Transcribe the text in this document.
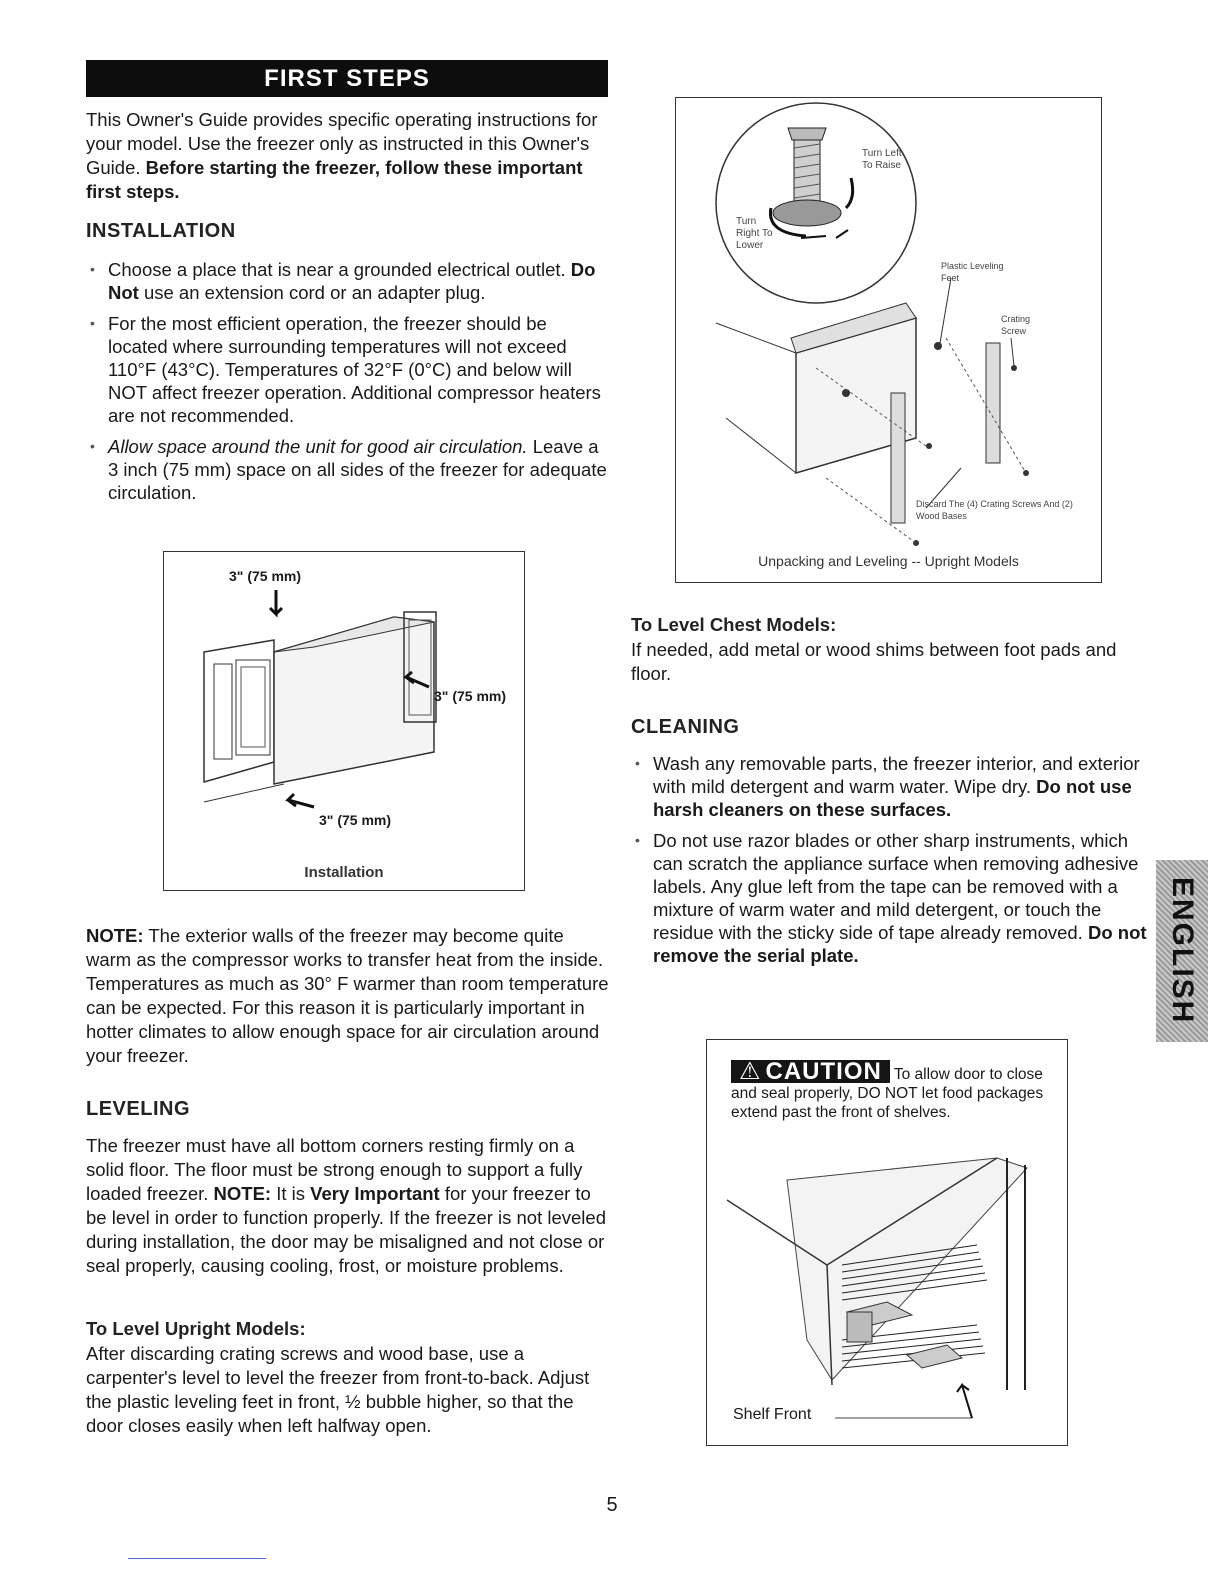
FIRST STEPS

This Owner's Guide provides specific operating instructions for your model. Use the freezer only as instructed in this Owner's Guide. Before starting the freezer, follow these important first steps.

INSTALLATION
• Choose a place that is near a grounded electrical outlet. Do Not use an extension cord or an adapter plug.
• For the most efficient operation, the freezer should be located where surrounding temperatures will not exceed 110°F (43°C). Temperatures of 32°F (0°C) and below will NOT affect freezer operation. Additional compressor heaters are not recommended.
• Allow space around the unit for good air circulation. Leave a 3 inch (75 mm) space on all sides of the freezer for adequate circulation.
3" (75 mm)
3" (75 mm)
3" (75 mm)
Installation

NOTE: The exterior walls of the freezer may become quite warm as the compressor works to transfer heat from the inside. Temperatures as much as 30° F warmer than room temperature can be expected. For this reason it is particularly important in hotter climates to allow enough space for air circulation around your freezer.

LEVELING

The freezer must have all bottom corners resting firmly on a solid floor. The floor must be strong enough to support a fully loaded freezer. NOTE: It is Very Important for your freezer to be level in order to function properly. If the freezer is not leveled during installation, the door may be misaligned and not close or seal properly, causing cooling, frost, or moisture problems.

To Level Upright Models:

After discarding crating screws and wood base, use a carpenter's level to level the freezer from front-to-back. Adjust the plastic leveling feet in front, ½ bubble higher, so that the door closes easily when left halfway open.

Turn Left To Raise
Turn Right To Lower
Plastic Leveling Feet
Crating Screw
Discard The (4) Crating Screws And (2) Wood Bases
Unpacking and Leveling -- Upright Models
To Level Chest Models:

If needed, add metal or wood shims between foot pads and floor.

CLEANING
• Wash any removable parts, the freezer interior, and exterior with mild detergent and warm water. Wipe dry. Do not use harsh cleaners on these surfaces.
• Do not use razor blades or other sharp instruments, which can scratch the appliance surface when removing adhesive labels. Any glue left from the tape can be removed with a mixture of warm water and mild detergent, or touch the residue with the sticky side of tape already removed. Do not remove the serial plate.	ENGLISH
⚠ CAUTION To allow door to close and seal properly, DO NOT let food packages extend past the front of shelves.
Shelf Front
5
